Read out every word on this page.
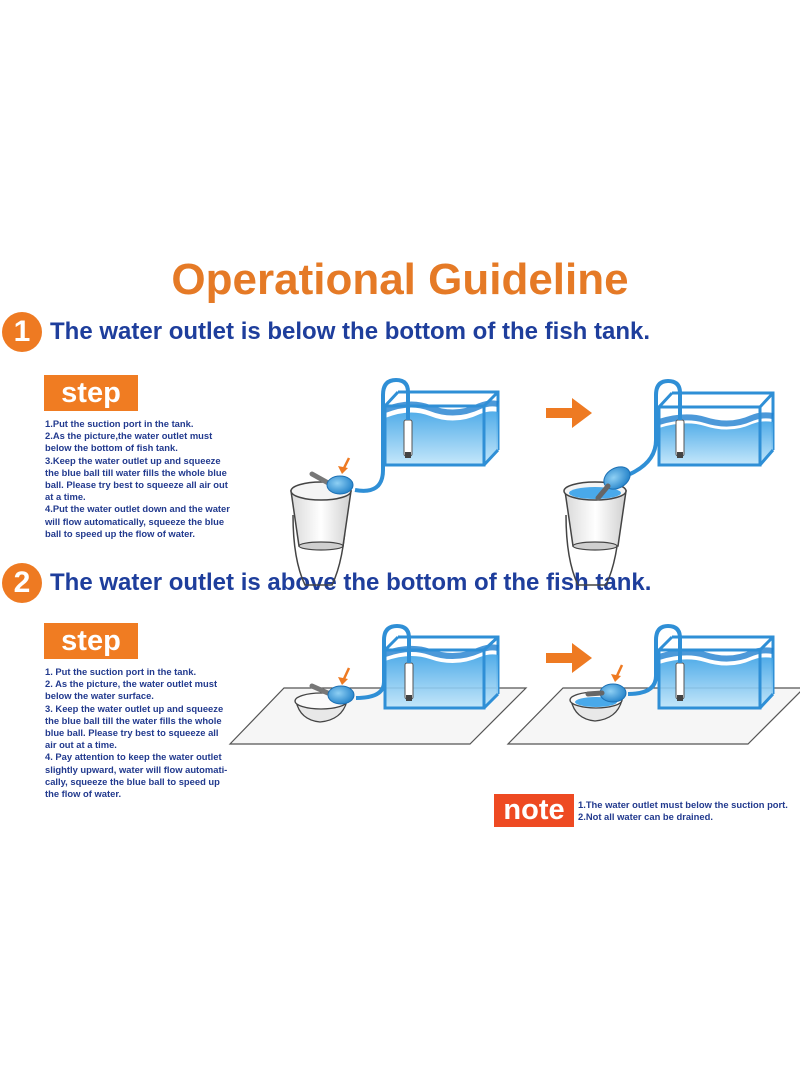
Operational Guideline
1 The water outlet is below the bottom of the fish tank.
step
1.Put the suction port in the tank.
2.As the picture,the water outlet must
below the bottom of fish tank.
3.Keep the water outlet up and squeeze
the blue ball till water fills the whole blue
ball. Please try best to squeeze all air out
at a time.
4.Put the water outlet down and the water
will flow automatically, squeeze the blue
ball to speed up the flow of water.
2 The water outlet is above the bottom of the fish tank.
step
1. Put the suction port in the tank.
2. As the picture, the water outlet must
below the water surface.
3. Keep the water outlet up and squeeze
the blue ball till the water fills the whole
blue ball. Please try best to squeeze all
air out at a time.
4. Pay attention to keep the water outlet
slightly upward, water will flow automati-
cally, squeeze the blue ball to speed up
the flow of water.
note	1.The water outlet must below the suction port.
2.Not all water can be drained.
